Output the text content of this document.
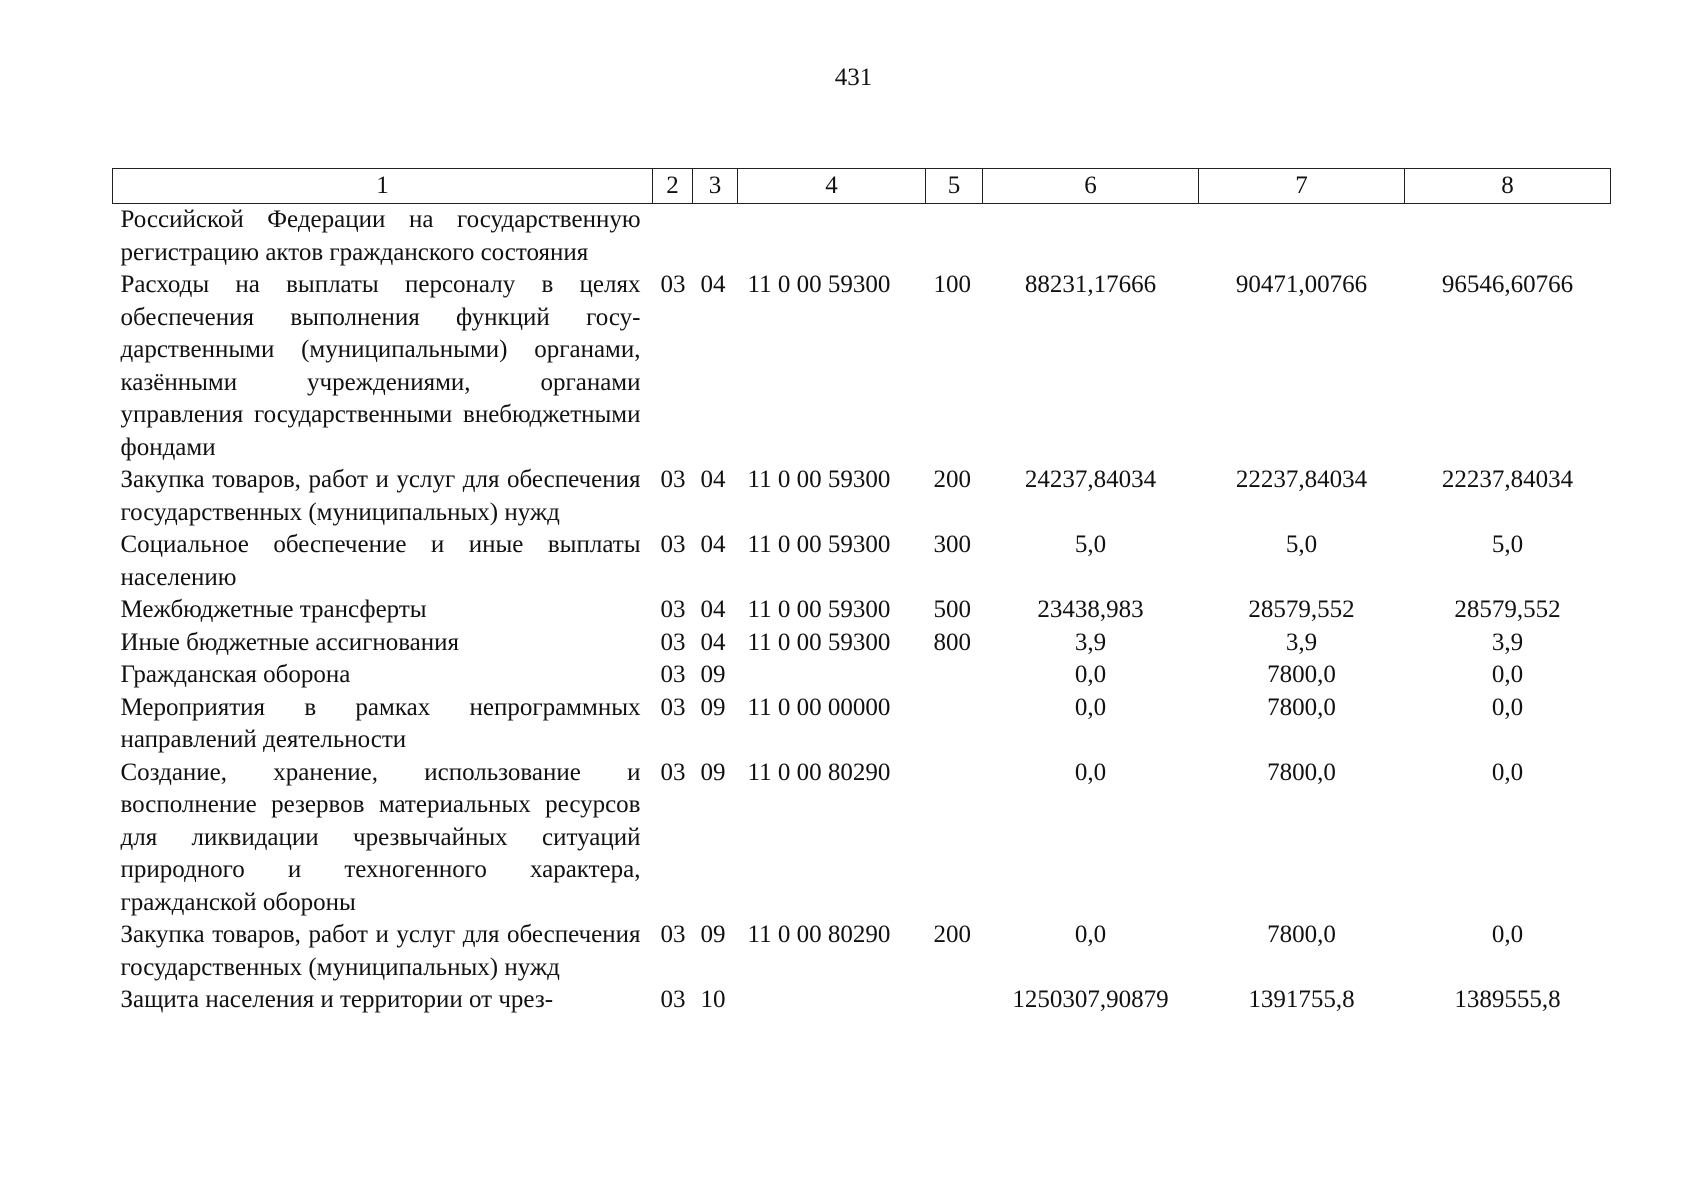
431
1	2	3	4	5	6	7	8
Российской Федерации на государственную регистрацию актов гражданского состояния							
Расходы на выплаты персоналу в целях обеспечения выполнения функций государственными (муниципальными) органами, казёнными учреждениями, органами управления государственными внебюджетными фондами	03	04	11 0 00 59300	100	88231,17666	90471,00766	96546,60766
Закупка товаров, работ и услуг для обеспечения государственных (муниципальных) нужд	03	04	11 0 00 59300	200	24237,84034	22237,84034	22237,84034
Социальное обеспечение и иные выплаты населению	03	04	11 0 00 59300	300	5,0	5,0	5,0
Межбюджетные трансферты	03	04	11 0 00 59300	500	23438,983	28579,552	28579,552
Иные бюджетные ассигнования	03	04	11 0 00 59300	800	3,9	3,9	3,9
Гражданская оборона	03	09			0,0	7800,0	0,0
Мероприятия в рамках непрограммных направлений деятельности	03	09	11 0 00 00000		0,0	7800,0	0,0
Создание, хранение, использование и восполнение резервов материальных ресурсов для ликвидации чрезвычайных ситуаций природного и техногенного характера, гражданской обороны	03	09	11 0 00 80290		0,0	7800,0	0,0
Закупка товаров, работ и услуг для обеспечения государственных (муниципальных) нужд	03	09	11 0 00 80290	200	0,0	7800,0	0,0
Защита населения и территории от чрез-	03	10			1250307,90879	1391755,8	1389555,8
